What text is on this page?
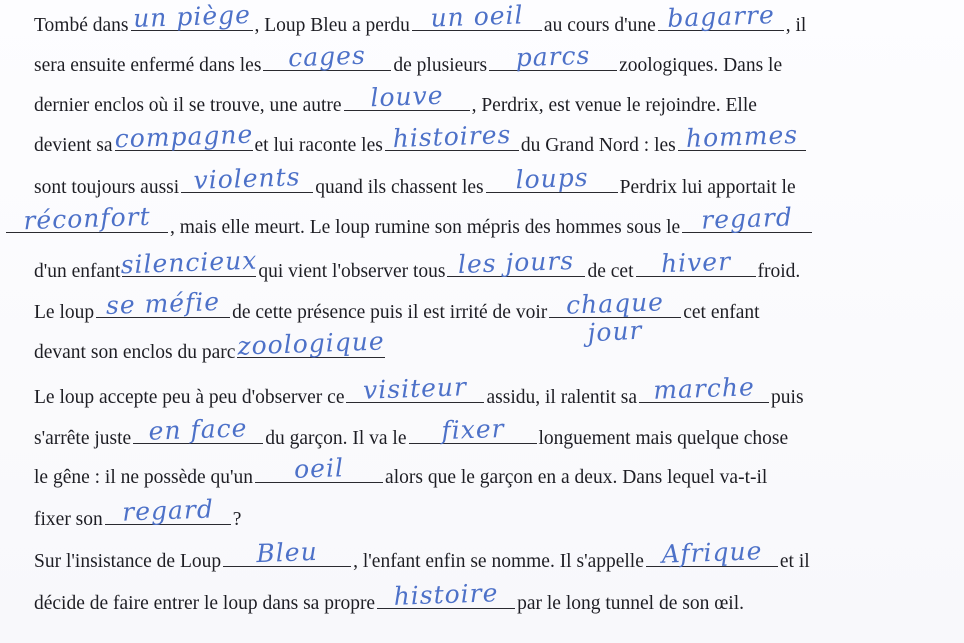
Tombé dans un piège , Loup Bleu a perdu un oeil au cours d'une bagarre , il
sera ensuite enfermé dans les cages de plusieurs parcs zoologiques. Dans le
dernier enclos où il se trouve, une autre louve , Perdrix, est venue le rejoindre. Elle
devient sa compagne et lui raconte les histoires du Grand Nord : les hommes
sont toujours aussi violents quand ils chassent les loups Perdrix lui apportait le
réconfort , mais elle meurt. Le loup rumine son mépris des hommes sous le regard
d'un enfant silencieux qui vient l'observer tous les jours de cet hiver froid.
Le loup se méfie de cette présence puis il est irrité de voir chaque
jour
cet enfant
devant son enclos du parc zoologique
Le loup accepte peu à peu d'observer ce visiteur assidu, il ralentit sa marche puis
s'arrête juste en face du garçon. Il va le fixer longuement mais quelque chose
le gêne : il ne possède qu'un oeil alors que le garçon en a deux. Dans lequel va-t-il
fixer son regard ?
Sur l'insistance de Loup Bleu , l'enfant enfin se nomme. Il s'appelle Afrique et il
décide de faire entrer le loup dans sa propre histoire par le long tunnel de son œil.
